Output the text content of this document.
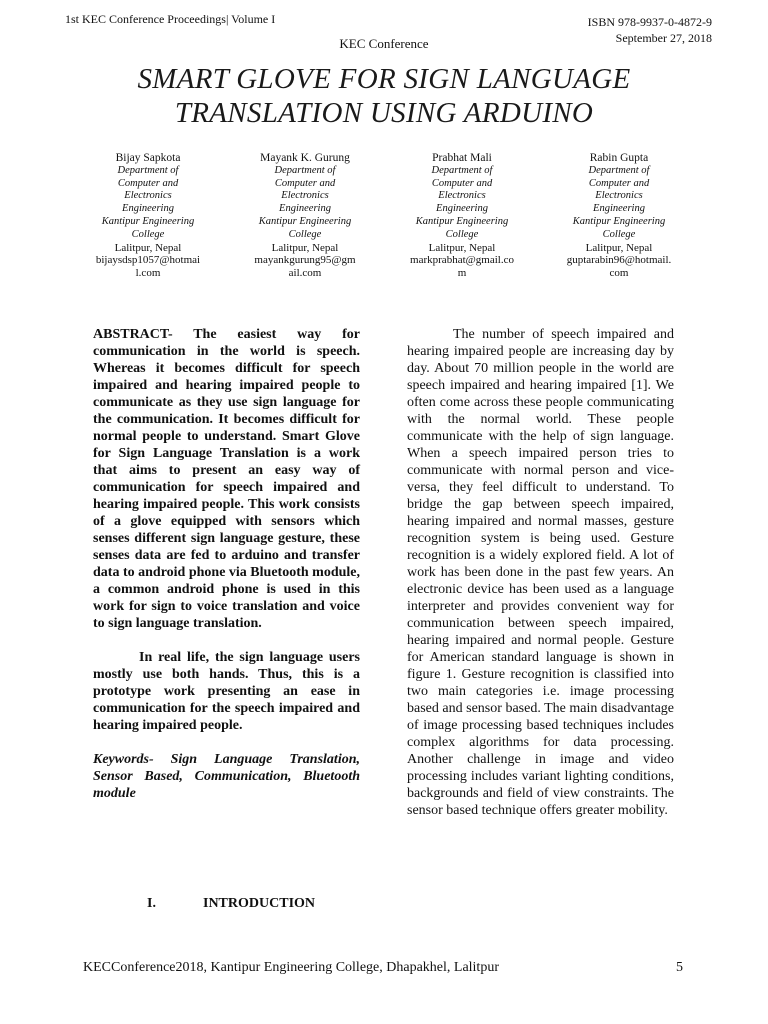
1st KEC Conference Proceedings| Volume I	ISBN 978-9937-0-4872-9
September 27, 2018
KEC Conference
SMART GLOVE FOR SIGN LANGUAGE
TRANSLATION USING ARDUINO
Bijay Sapkota
Department of
Computer and
Electronics
Engineering
Kantipur Engineering
College
Lalitpur, Nepal
bijaysdsp1057@hotmai
l.com
Mayank K. Gurung
Department of
Computer and
Electronics
Engineering
Kantipur Engineering
College
Lalitpur, Nepal
mayankgurung95@gm
ail.com
Prabhat Mali
Department of
Computer and
Electronics
Engineering
Kantipur Engineering
College
Lalitpur, Nepal
markprabhat@gmail.co
m
Rabin Gupta
Department of
Computer and
Electronics
Engineering
Kantipur Engineering
College
Lalitpur, Nepal
guptarabin96@hotmail.
com

ABSTRACT- The easiest way for communication in the world is speech. Whereas it becomes difficult for speech impaired and hearing impaired people to communicate as they use sign language for the communication. It becomes difficult for normal people to understand. Smart Glove for Sign Language Translation is a work that aims to present an easy way of communication for speech impaired and hearing impaired people. This work consists of a glove equipped with sensors which senses different sign language gesture, these senses data are fed to arduino and transfer data to android phone via Bluetooth module, a common android phone is used in this work for sign to voice translation and voice to sign language translation.

In real life, the sign language users mostly use both hands. Thus, this is a prototype work presenting an ease in communication for the speech impaired and hearing impaired people.

Keywords- Sign Language Translation, Sensor Based, Communication, Bluetooth module

The number of speech impaired and hearing impaired people are increasing day by day. About 70 million people in the world are speech impaired and hearing impaired [1]. We often come across these people communicating with the normal world. These people communicate with the help of sign language. When a speech impaired person tries to communicate with normal person and vice-versa, they feel difficult to understand. To bridge the gap between speech impaired, hearing impaired and normal masses, gesture recognition system is being used. Gesture recognition is a widely explored field. A lot of work has been done in the past few years. An electronic device has been used as a language interpreter and provides convenient way for communication between speech impaired, hearing impaired and normal people. Gesture for American standard language is shown in figure 1. Gesture recognition is classified into two main categories i.e. image processing based and sensor based. The main disadvantage of image processing based techniques includes complex algorithms for data processing. Another challenge in image and video processing includes variant lighting conditions, backgrounds and field of view constraints. The sensor based technique offers greater mobility.

I.	INTRODUCTION
KECConference2018, Kantipur Engineering College, Dhapakhel, Lalitpur	5
